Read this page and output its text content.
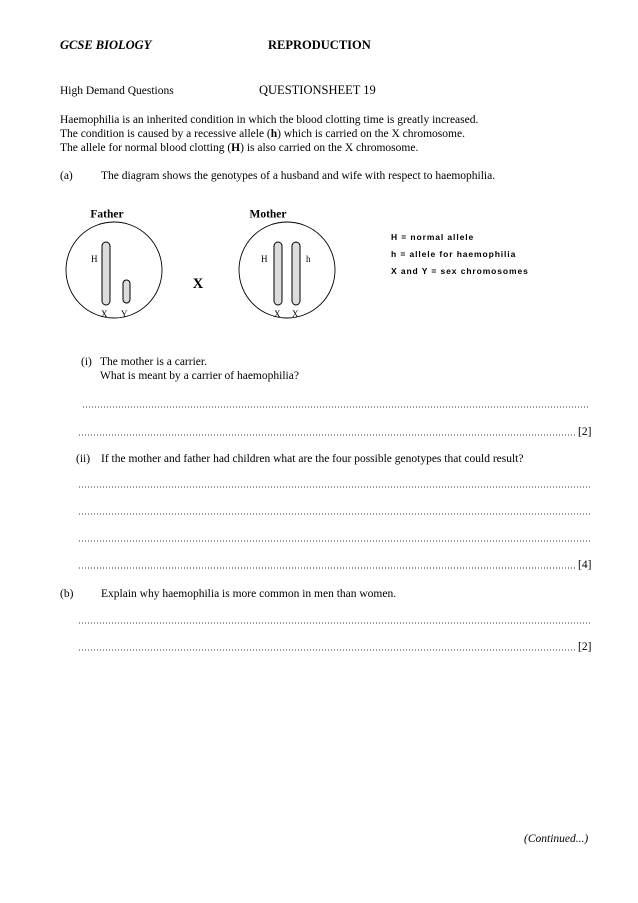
GCSE BIOLOGY	REPRODUCTION
High Demand Questions	QUESTIONSHEET 19
Haemophilia is an inherited condition in which the blood clotting time is greatly increased.
The condition is caused by a recessive allele (h) which is carried on the X chromosome.
The allele for normal blood clotting (H) is also carried on the X chromosome.
(a) The diagram shows the genotypes of a husband and wife with respect to haemophilia.
Father	Mother
H
X Y
X
H	h
X X
H = normal allele
h = allele for haemophilia
X and Y = sex chromosomes
(i) The mother is a carrier.
What is meant by a carrier of haemophilia?
[2]
(ii) If the mother and father had children what are the four possible genotypes that could result?
[4]
(b) Explain why haemophilia is more common in men than women.
[2]
(Continued...)
